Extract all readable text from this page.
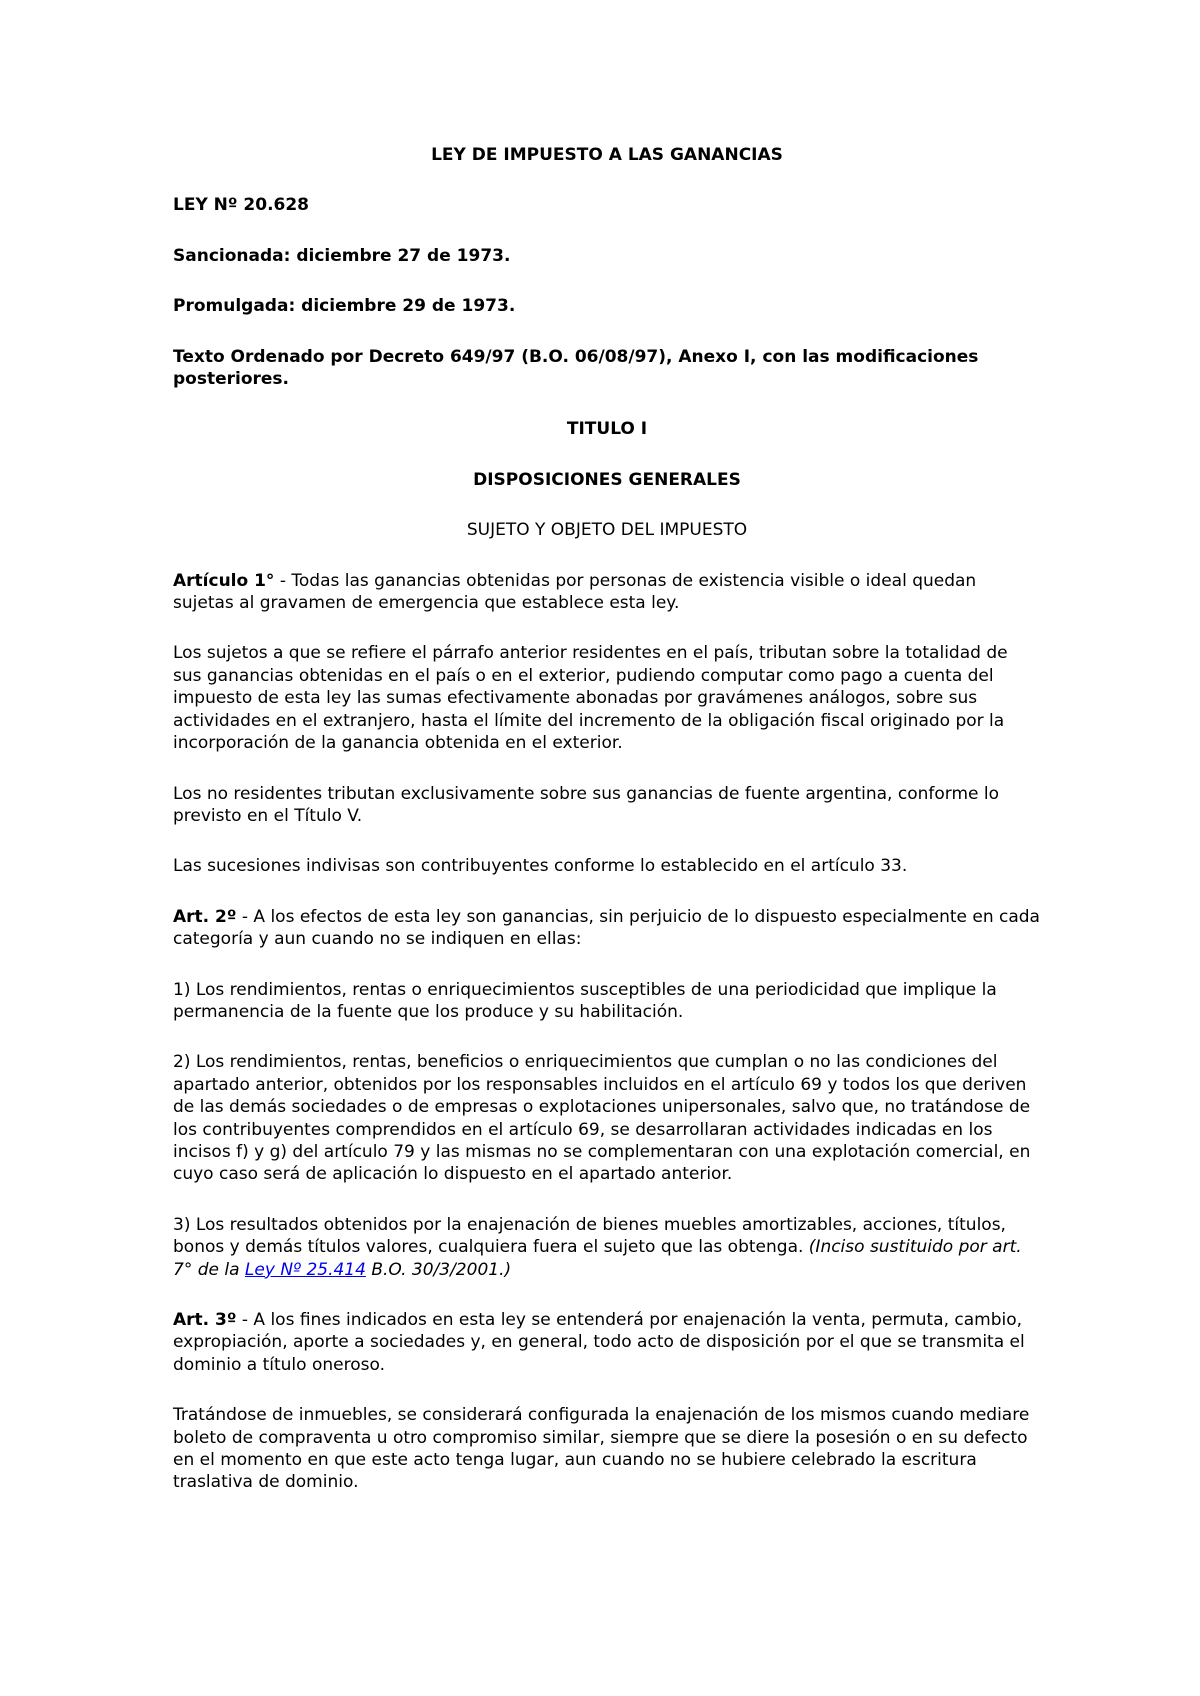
LEY DE IMPUESTO A LAS GANANCIAS

LEY Nº 20.628

Sancionada: diciembre 27 de 1973.

Promulgada: diciembre 29 de 1973.

Texto Ordenado por Decreto 649/97 (B.O. 06/08/97), Anexo I, con las modificaciones posteriores.

TITULO I

DISPOSICIONES GENERALES

SUJETO Y OBJETO DEL IMPUESTO

Artículo 1° - Todas las ganancias obtenidas por personas de existencia visible o ideal quedan sujetas al gravamen de emergencia que establece esta ley.

Los sujetos a que se refiere el párrafo anterior residentes en el país, tributan sobre la totalidad de sus ganancias obtenidas en el país o en el exterior, pudiendo computar como pago a cuenta del impuesto de esta ley las sumas efectivamente abonadas por gravámenes análogos, sobre sus actividades en el extranjero, hasta el límite del incremento de la obligación fiscal originado por la incorporación de la ganancia obtenida en el exterior.

Los no residentes tributan exclusivamente sobre sus ganancias de fuente argentina, conforme lo previsto en el Título V.

Las sucesiones indivisas son contribuyentes conforme lo establecido en el artículo 33.

Art. 2º - A los efectos de esta ley son ganancias, sin perjuicio de lo dispuesto especialmente en cada categoría y aun cuando no se indiquen en ellas:

1) Los rendimientos, rentas o enriquecimientos susceptibles de una periodicidad que implique la permanencia de la fuente que los produce y su habilitación.

2) Los rendimientos, rentas, beneficios o enriquecimientos que cumplan o no las condiciones del apartado anterior, obtenidos por los responsables incluidos en el artículo 69 y todos los que deriven de las demás sociedades o de empresas o explotaciones unipersonales, salvo que, no tratándose de los contribuyentes comprendidos en el artículo 69, se desarrollaran actividades indicadas en los incisos f) y g) del artículo 79 y las mismas no se complementaran con una explotación comercial, en cuyo caso será de aplicación lo dispuesto en el apartado anterior.

3) Los resultados obtenidos por la enajenación de bienes muebles amortizables, acciones, títulos, bonos y demás títulos valores, cualquiera fuera el sujeto que las obtenga. (Inciso sustituido por art. 7° de la Ley Nº 25.414 B.O. 30/3/2001.)

Art. 3º - A los fines indicados en esta ley se entenderá por enajenación la venta, permuta, cambio, expropiación, aporte a sociedades y, en general, todo acto de disposición por el que se transmita el dominio a título oneroso.

Tratándose de inmuebles, se considerará configurada la enajenación de los mismos cuando mediare boleto de compraventa u otro compromiso similar, siempre que se diere la posesión o en su defecto en el momento en que este acto tenga lugar, aun cuando no se hubiere celebrado la escritura traslativa de dominio.
